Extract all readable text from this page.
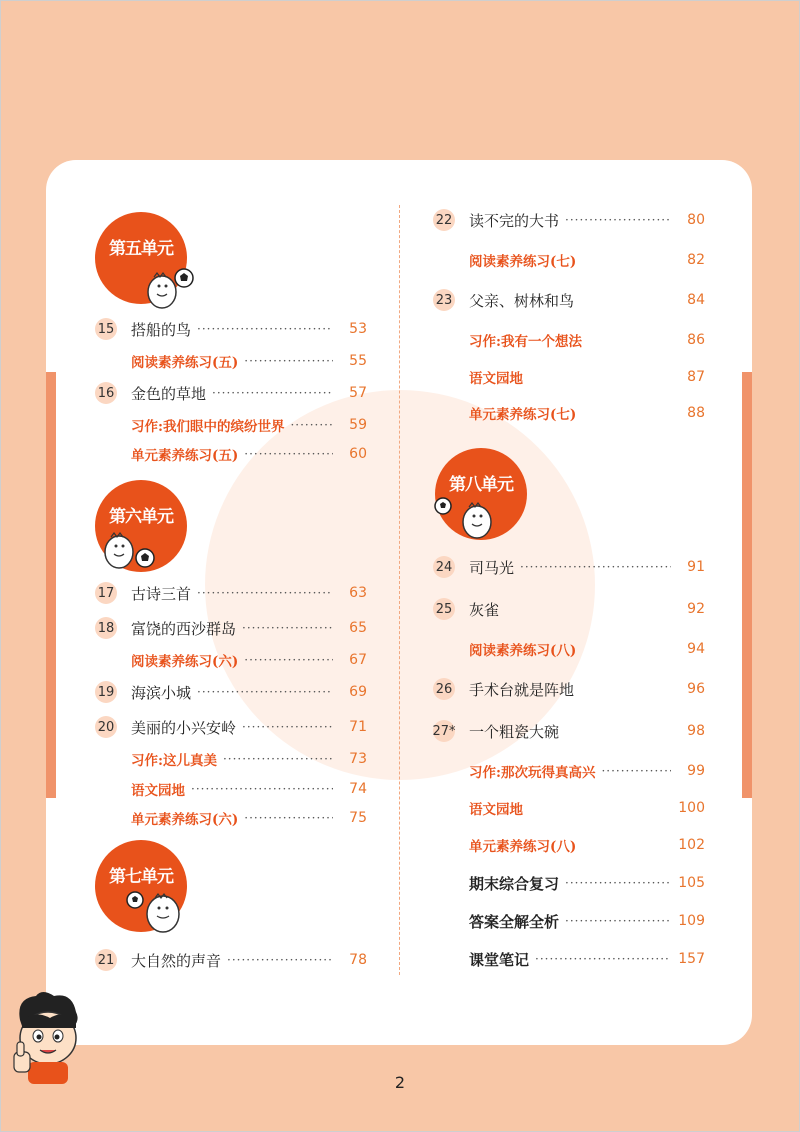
第五单元
第六单元
第七单元
第八单元
15 搭船的鸟 ·····	53
阅读素养练习(五) ·····	55
16 金色的草地 ·····	57
习作:我们眼中的缤纷世界 ·····	59
单元素养练习(五) ·····	60
17 古诗三首 ·····	63
18 富饶的西沙群岛 ·····	65
阅读素养练习(六) ·····	67
19 海滨小城 ·····	69
20 美丽的小兴安岭 ·····	71
习作:这儿真美 ·····	73
语文园地 ·····	74
单元素养练习(六) ·····	75
21 大自然的声音 ·····	78
22 读不完的大书 ·····	80
阅读素养练习(七)	82
23 父亲、树林和鸟	84
习作:我有一个想法	86
语文园地	87
单元素养练习(七)	88
24 司马光 ·····	91
25 灰雀	92
阅读素养练习(八)	94
26 手术台就是阵地	96
27* 一个粗瓷大碗	98
习作:那次玩得真高兴 ·····	99
语文园地	100
单元素养练习(八)	102
期末综合复习 ·····	105
答案全解全析 ·····	109
课堂笔记 ·····	157
2
